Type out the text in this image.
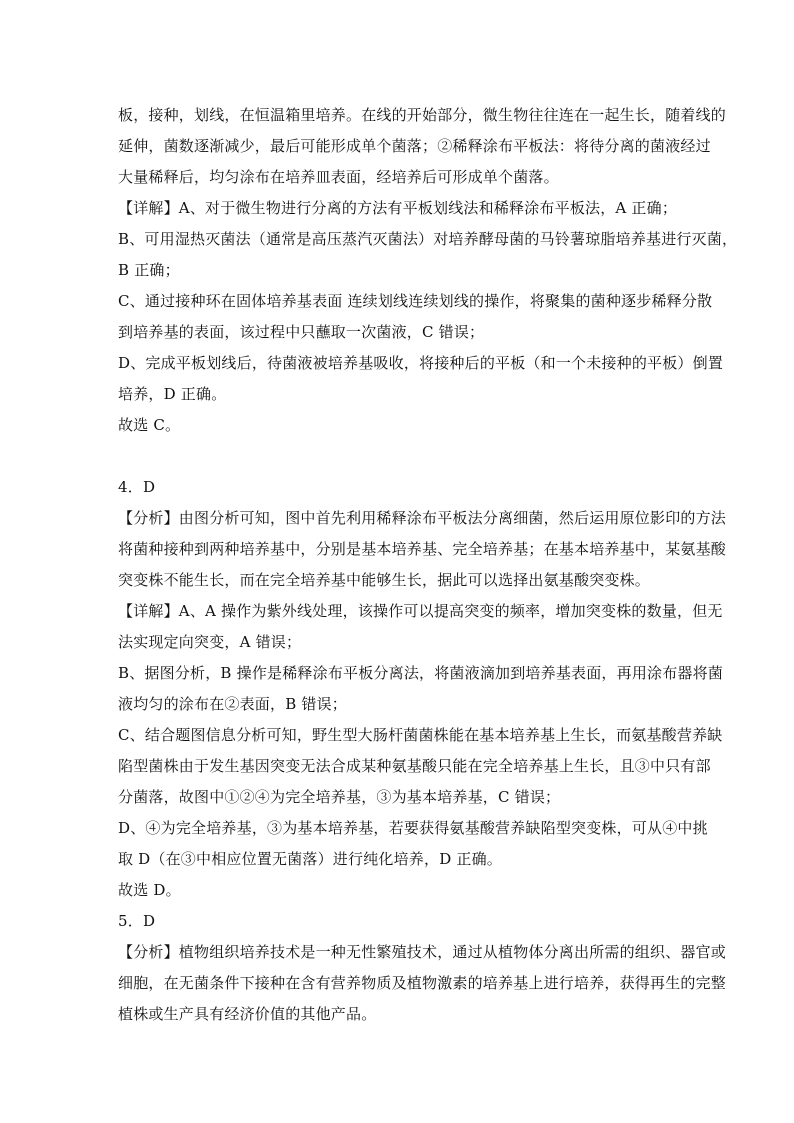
板，接种，划线，在恒温箱里培养。在线的开始部分，微生物往往连在一起生长，随着线的
延伸，菌数逐渐减少，最后可能形成单个菌落；②稀释涂布平板法：将待分离的菌液经过
大量稀释后，均匀涂布在培养皿表面，经培养后可形成单个菌落。
【详解】A、对于微生物进行分离的方法有平板划线法和稀释涂布平板法，A 正确；
B、可用湿热灭菌法（通常是高压蒸汽灭菌法）对培养酵母菌的马铃薯琼脂培养基进行灭菌，
B 正确；
C、通过接种环在固体培养基表面 连续划线连续划线的操作，将聚集的菌种逐步稀释分散
到培养基的表面，该过程中只蘸取一次菌液，C 错误；
D、完成平板划线后，待菌液被培养基吸收，将接种后的平板（和一个未接种的平板）倒置
培养，D 正确。
故选 C。
4．D
【分析】由图分析可知，图中首先利用稀释涂布平板法分离细菌，然后运用原位影印的方法
将菌种接种到两种培养基中，分别是基本培养基、完全培养基；在基本培养基中，某氨基酸
突变株不能生长，而在完全培养基中能够生长，据此可以选择出氨基酸突变株。
【详解】A、A 操作为紫外线处理，该操作可以提高突变的频率，增加突变株的数量，但无
法实现定向突变，A 错误；
B、据图分析，B 操作是稀释涂布平板分离法，将菌液滴加到培养基表面，再用涂布器将菌
液均匀的涂布在②表面，B 错误；
C、结合题图信息分析可知，野生型大肠杆菌菌株能在基本培养基上生长，而氨基酸营养缺
陷型菌株由于发生基因突变无法合成某种氨基酸只能在完全培养基上生长，且③中只有部
分菌落，故图中①②④为完全培养基，③为基本培养基，C 错误；
D、④为完全培养基，③为基本培养基，若要获得氨基酸营养缺陷型突变株，可从④中挑
取 D（在③中相应位置无菌落）进行纯化培养，D 正确。
故选 D。
5．D
【分析】植物组织培养技术是一种无性繁殖技术，通过从植物体分离出所需的组织、器官或
细胞，在无菌条件下接种在含有营养物质及植物激素的培养基上进行培养，获得再生的完整
植株或生产具有经济价值的其他产品。
